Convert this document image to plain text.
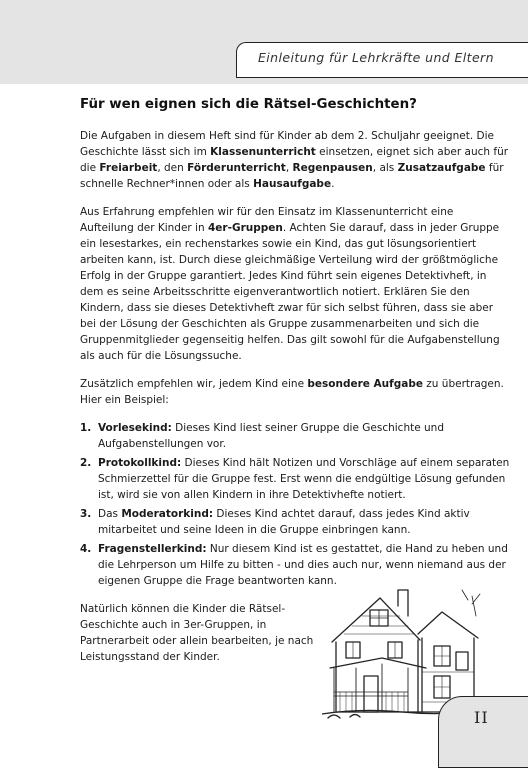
Einleitung für Lehrkräfte und Eltern
Für wen eignen sich die Rätsel-Geschichten?

Die Aufgaben in diesem Heft sind für Kinder ab dem 2. Schuljahr geeignet. Die Geschichte lässt sich im Klassenunterricht einsetzen, eignet sich aber auch für die Freiarbeit, den Förderunterricht, Regenpausen, als Zusatzaufgabe für schnelle Rechner*innen oder als Hausaufgabe.

Aus Erfahrung empfehlen wir für den Einsatz im Klassenunterricht eine Aufteilung der Kinder in 4er-Gruppen. Achten Sie darauf, dass in jeder Gruppe ein lesestarkes, ein rechenstarkes sowie ein Kind, das gut lösungsorientiert arbeiten kann, ist. Durch diese gleichmäßige Verteilung wird der größtmögliche Erfolg in der Gruppe garantiert. Jedes Kind führt sein eigenes Detektivheft, in dem es seine Arbeitsschritte eigenverantwortlich notiert. Erklären Sie den Kindern, dass sie dieses Detektivheft zwar für sich selbst führen, dass sie aber bei der Lösung der Geschichten als Gruppe zusammenarbeiten und sich die Gruppenmitglieder gegenseitig helfen. Das gilt sowohl für die Aufgabenstellung als auch für die Lösungssuche.

Zusätzlich empfehlen wir, jedem Kind eine besondere Aufgabe zu übertragen. Hier ein Beispiel:

1. Vorlesekind: Dieses Kind liest seiner Gruppe die Geschichte und Aufgabenstellungen vor.
2. Protokollkind: Dieses Kind hält Notizen und Vorschläge auf einem separaten Schmierzettel für die Gruppe fest. Erst wenn die endgültige Lösung gefunden ist, wird sie von allen Kindern in ihre Detektivhefte notiert.
3. Das Moderatorkind: Dieses Kind achtet darauf, dass jedes Kind aktiv mitarbeitet und seine Ideen in die Gruppe einbringen kann.
4. Fragenstellerkind: Nur diesem Kind ist es gestattet, die Hand zu heben und die Lehrperson um Hilfe zu bitten - und dies auch nur, wenn niemand aus der eigenen Gruppe die Frage beantworten kann.

Natürlich können die Kinder die Rätsel-Geschichte auch in 3er-Gruppen, in Partnerarbeit oder allein bearbeiten, je nach Leistungsstand der Kinder.

II
